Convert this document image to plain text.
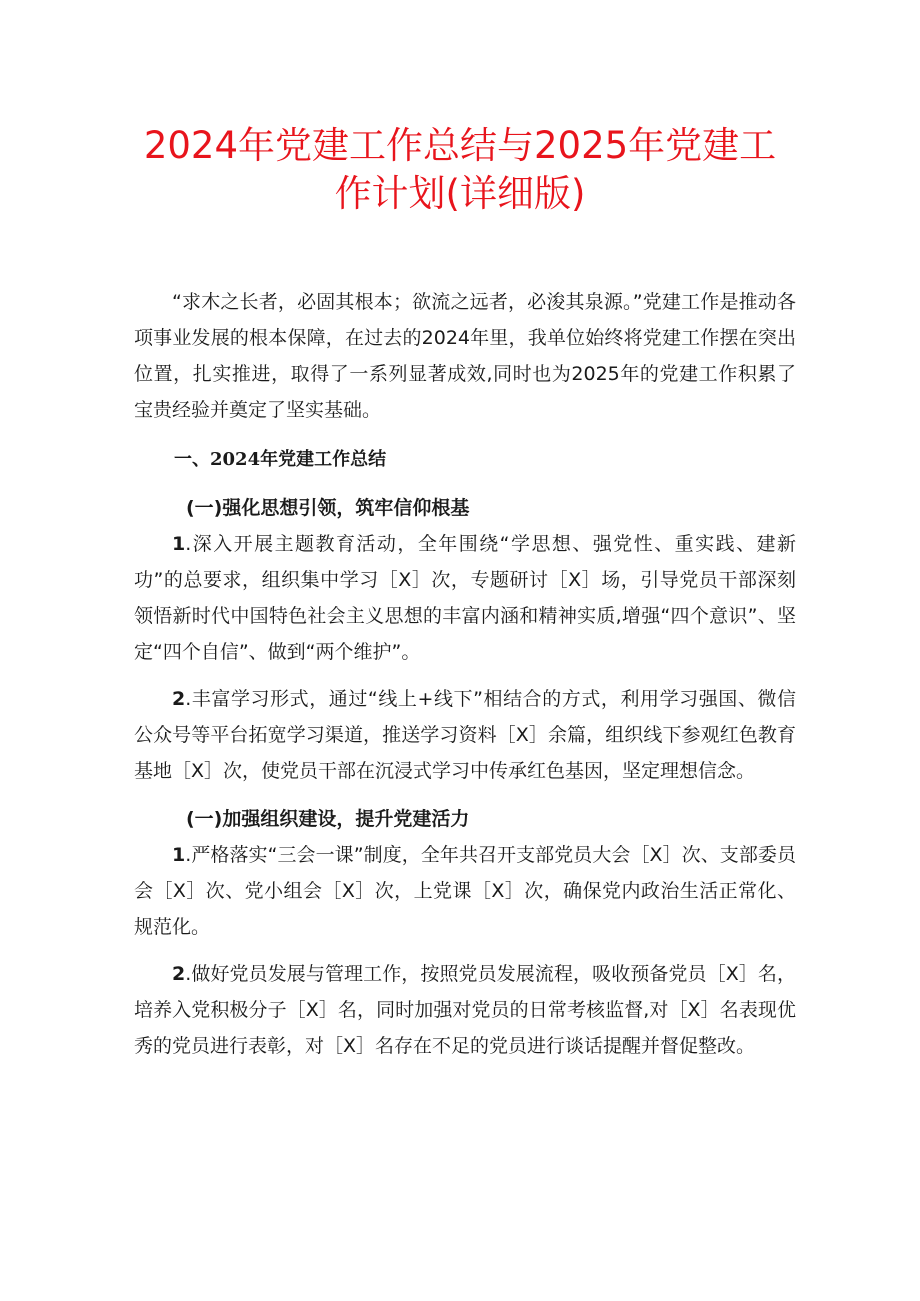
2024年党建工作总结与2025年党建工
作计划(详细版)

“求木之长者，必固其根本；欲流之远者，必浚其泉源。”党建工作是推动各项事业发展的根本保障，在过去的2024年里，我单位始终将党建工作摆在突出位置，扎实推进，取得了一系列显著成效,同时也为2025年的党建工作积累了宝贵经验并奠定了坚实基础。

一、2024年党建工作总结
(一)强化思想引领，筑牢信仰根基

1.深入开展主题教育活动，全年围绕“学思想、强党性、重实践、建新功”的总要求，组织集中学习［X］次，专题研讨［X］场，引导党员干部深刻领悟新时代中国特色社会主义思想的丰富内涵和精神实质,增强“四个意识”、坚定“四个自信”、做到“两个维护”。

2.丰富学习形式，通过“线上+线下”相结合的方式，利用学习强国、微信公众号等平台拓宽学习渠道，推送学习资料［X］余篇，组织线下参观红色教育基地［X］次，使党员干部在沉浸式学习中传承红色基因，坚定理想信念。

(一)加强组织建设，提升党建活力

1.严格落实“三会一课”制度，全年共召开支部党员大会［X］次、支部委员会［X］次、党小组会［X］次，上党课［X］次，确保党内政治生活正常化、规范化。

2.做好党员发展与管理工作，按照党员发展流程，吸收预备党员［X］名，培养入党积极分子［X］名，同时加强对党员的日常考核监督,对［X］名表现优秀的党员进行表彰，对［X］名存在不足的党员进行谈话提醒并督促整改。
